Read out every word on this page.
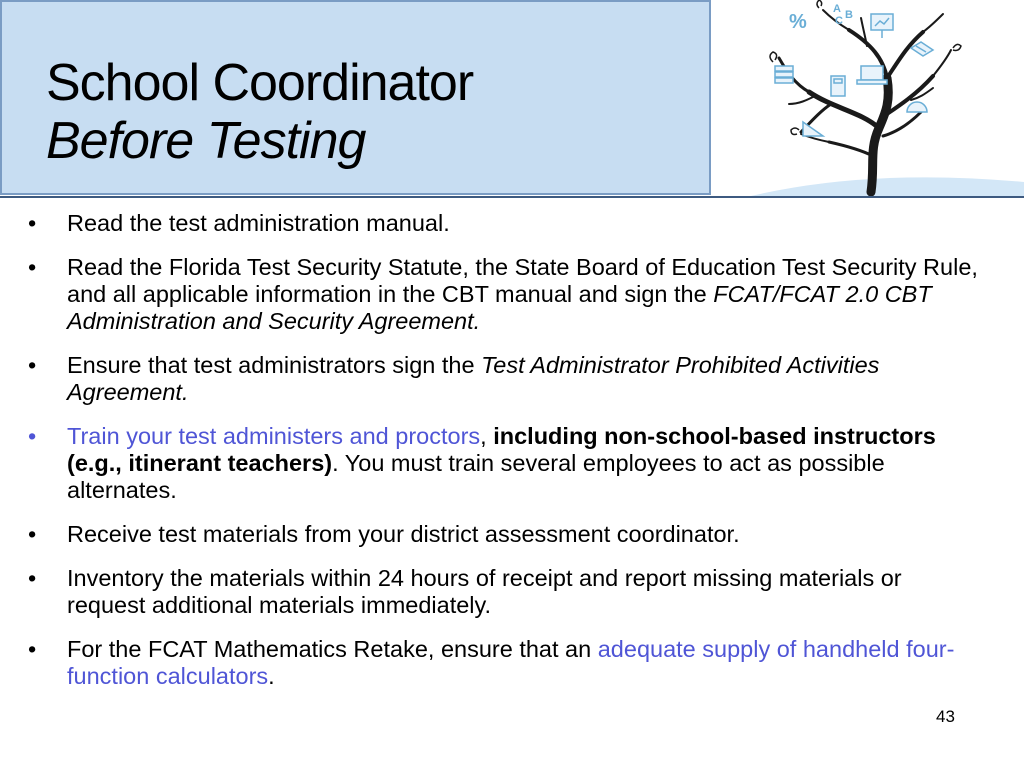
School Coordinator
Before Testing
%
A
C B
• Read the test administration manual.
• Read the Florida Test Security Statute, the State Board of Education Test Security Rule, and all applicable information in the CBT manual and sign the FCAT/FCAT 2.0 CBT Administration and Security Agreement.
• Ensure that test administrators sign the Test Administrator Prohibited Activities Agreement.
• Train your test administers and proctors, including non-school-based instructors (e.g., itinerant teachers). You must train several employees to act as possible alternates.
• Receive test materials from your district assessment coordinator.
• Inventory the materials within 24 hours of receipt and report missing materials or request additional materials immediately.
• For the FCAT Mathematics Retake, ensure that an adequate supply of handheld four-function calculators.
43
